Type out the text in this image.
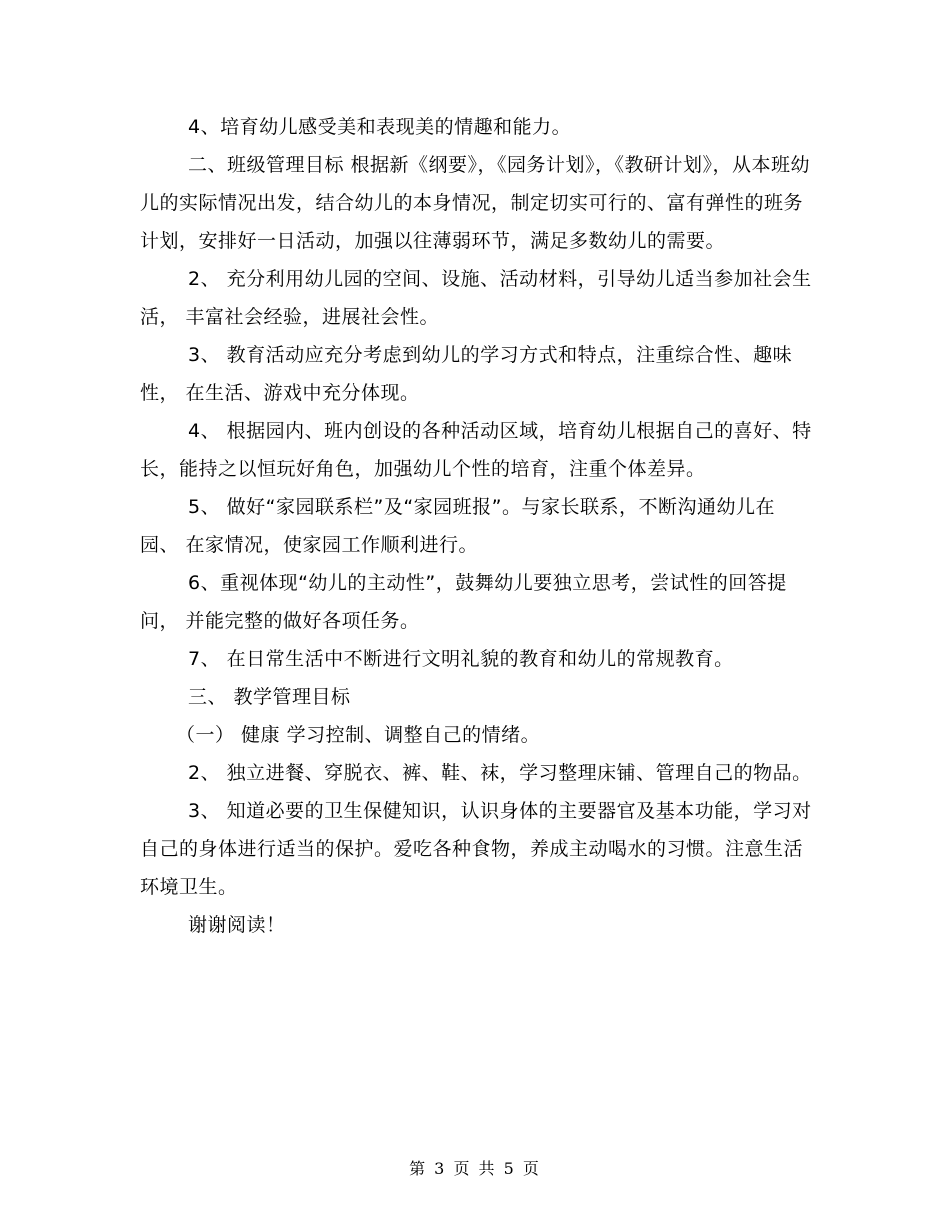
4、培育幼儿感受美和表现美的情趣和能力。

二、班级管理目标 根据新《纲要》，《园务计划》，《教研计划》，从本班幼儿的实际情况出发，结合幼儿的本身情况，制定切实可行的、富有弹性的班务计划，安排好一日活动，加强以往薄弱环节，满足多数幼儿的需要。

2、 充分利用幼儿园的空间、设施、活动材料，引导幼儿适当参加社会生活， 丰富社会经验，进展社会性。

3、 教育活动应充分考虑到幼儿的学习方式和特点，注重综合性、趣味性， 在生活、游戏中充分体现。

4、 根据园内、班内创设的各种活动区域，培育幼儿根据自己的喜好、特长，能持之以恒玩好角色，加强幼儿个性的培育，注重个体差异。

5、 做好“家园联系栏”及“家园班报”。与家长联系，不断沟通幼儿在园、 在家情况，使家园工作顺利进行。

6、重视体现“幼儿的主动性”，鼓舞幼儿要独立思考，尝试性的回答提问， 并能完整的做好各项任务。

7、 在日常生活中不断进行文明礼貌的教育和幼儿的常规教育。

三、 教学管理目标

（一） 健康 学习控制、调整自己的情绪。

2、 独立进餐、穿脱衣、裤、鞋、袜，学习整理床铺、管理自己的物品。

3、 知道必要的卫生保健知识，认识身体的主要器官及基本功能，学习对 自己的身体进行适当的保护。爱吃各种食物，养成主动喝水的习惯。注意生活环境卫生。

谢谢阅读！

第 3 页 共 5 页
